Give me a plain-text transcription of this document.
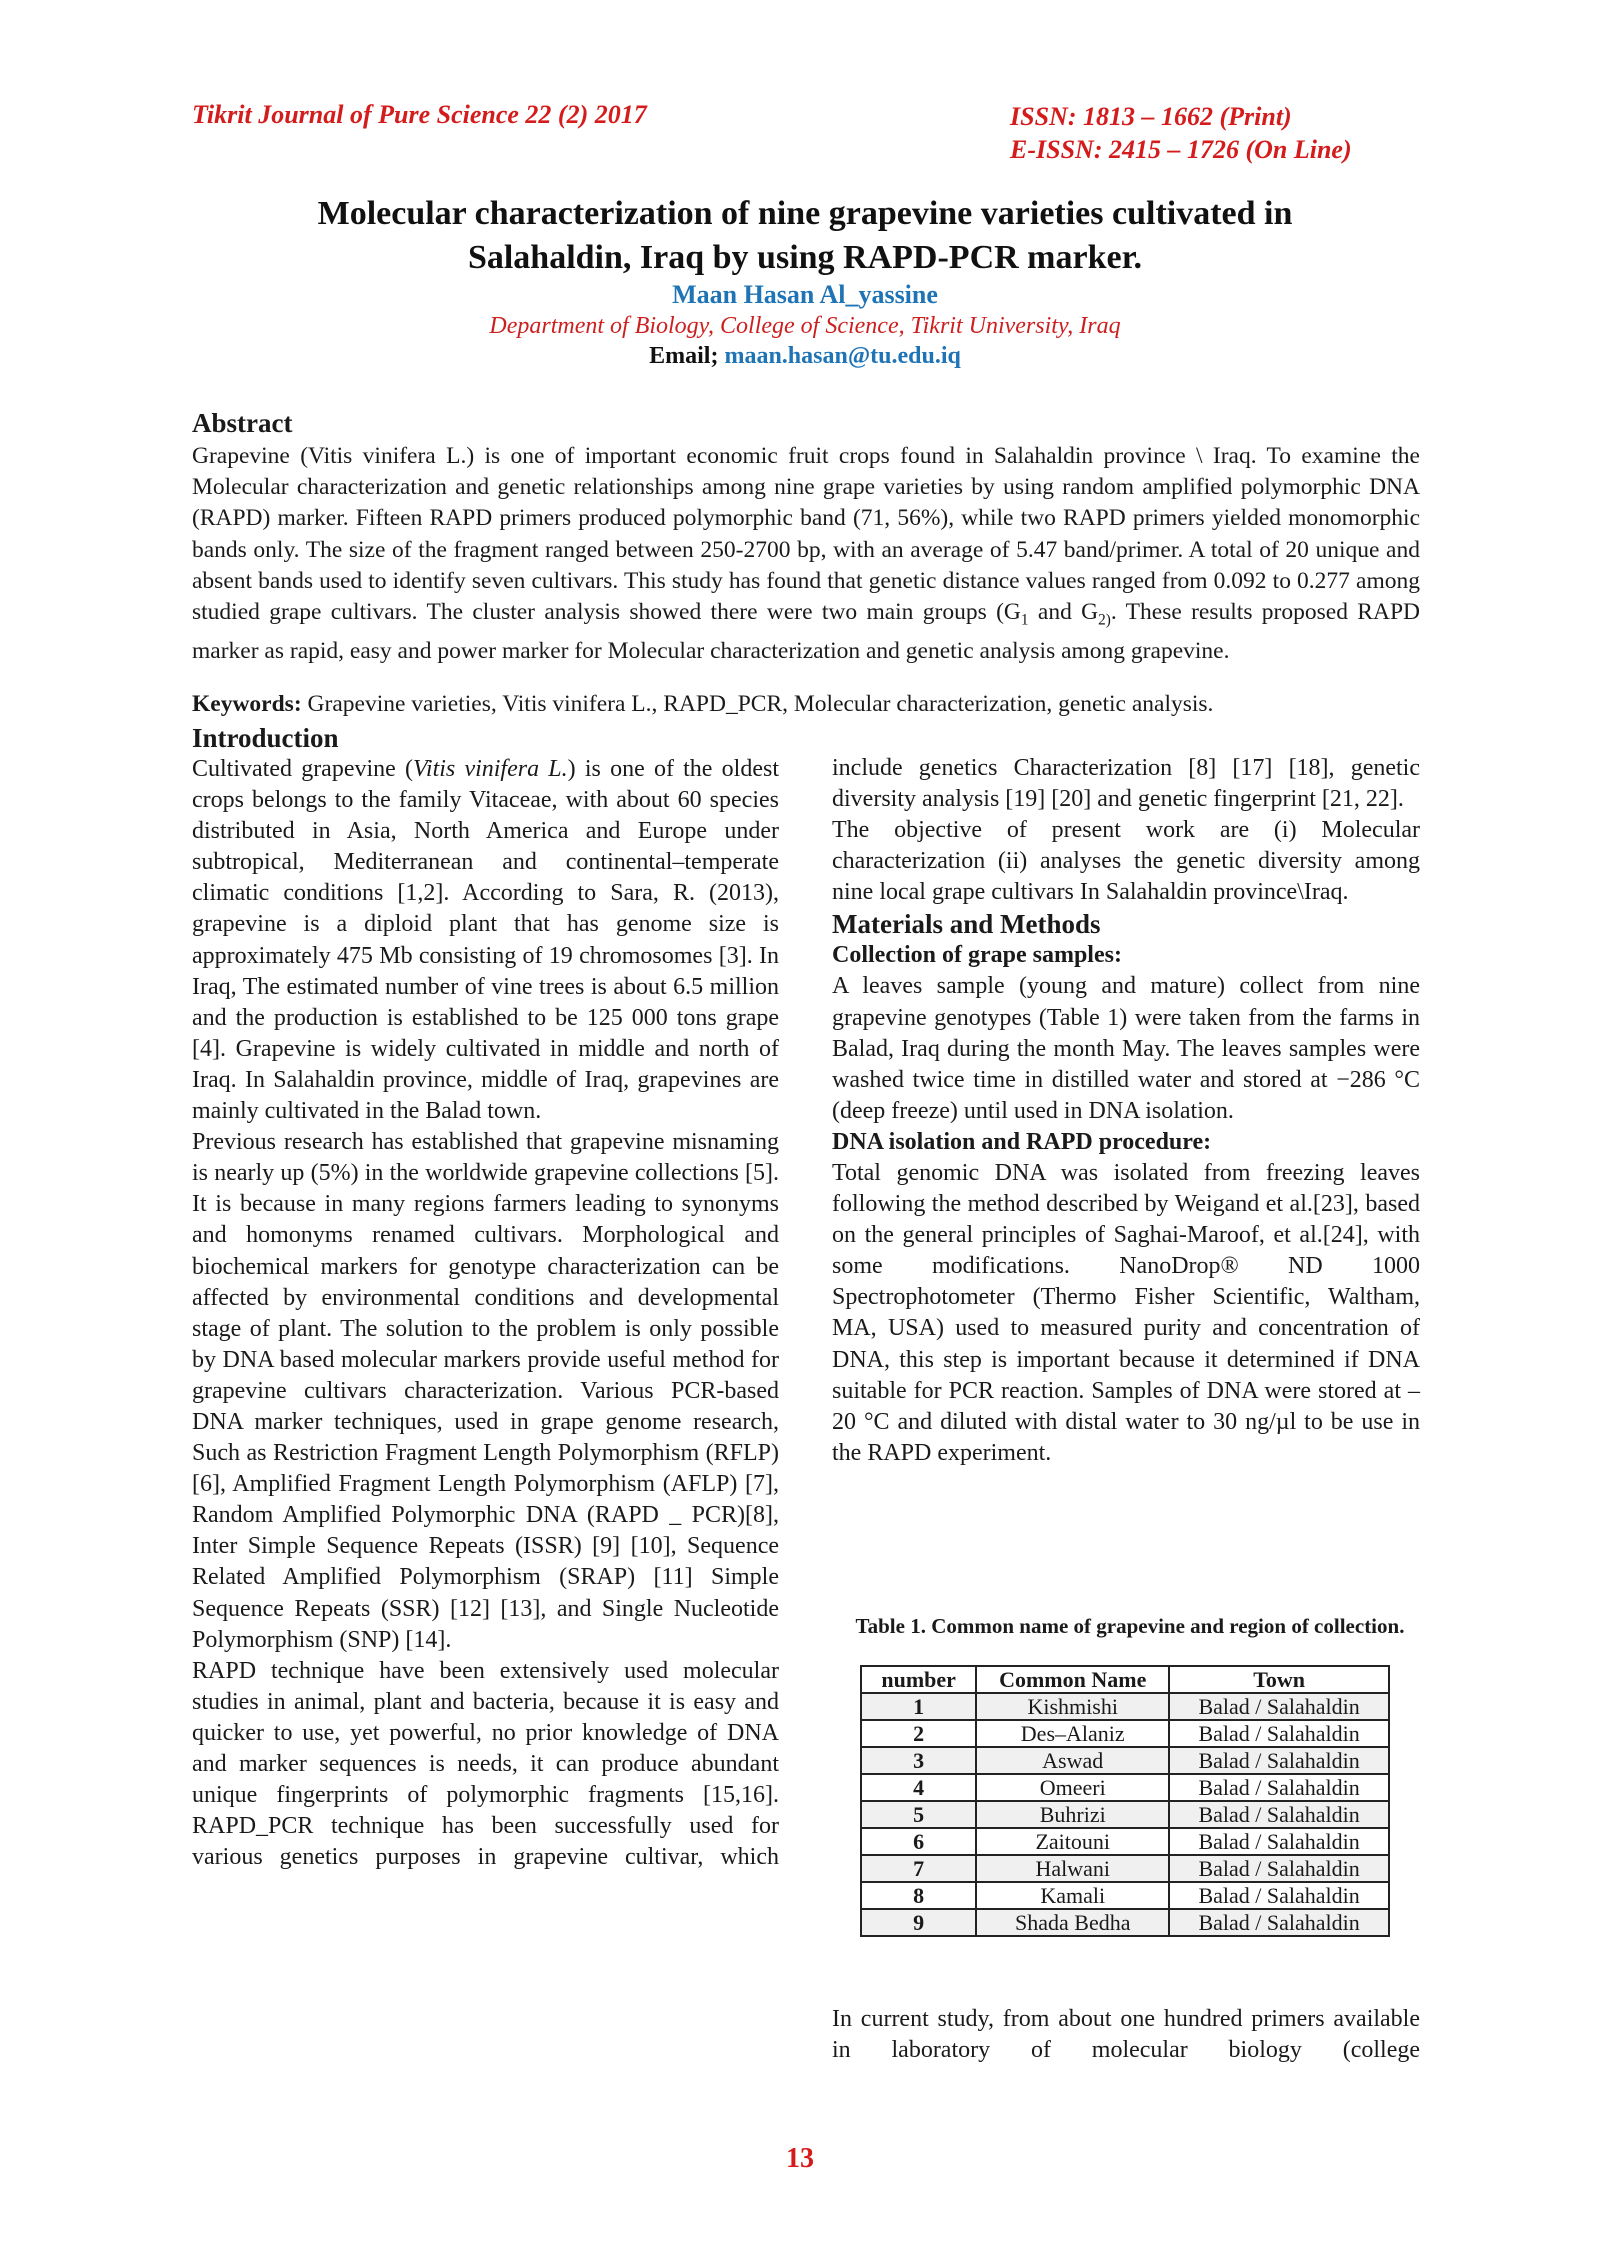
Tikrit Journal of Pure Science 22 (2) 2017	ISSN: 1813 – 1662 (Print)
E-ISSN: 2415 – 1726 (On Line)
Molecular characterization of nine grapevine varieties cultivated in
Salahaldin, Iraq by using RAPD-PCR marker.
Maan Hasan Al_yassine
Department of Biology, College of Science, Tikrit University, Iraq
Email; maan.hasan@tu.edu.iq
Abstract
Grapevine (Vitis vinifera L.) is one of important economic fruit crops found in Salahaldin province \ Iraq. To examine the Molecular characterization and genetic relationships among nine grape varieties by using random amplified polymorphic DNA (RAPD) marker. Fifteen RAPD primers produced polymorphic band (71, 56%), while two RAPD primers yielded monomorphic bands only. The size of the fragment ranged between 250-2700 bp, with an average of 5.47 band/primer. A total of 20 unique and absent bands used to identify seven cultivars. This study has found that genetic distance values ranged from 0.092 to 0.277 among studied grape cultivars. The cluster analysis showed there were two main groups ($G_1$ and $G_{2)}$. These results proposed RAPD marker as rapid, easy and power marker for Molecular characterization and genetic analysis among grapevine.
Keywords: Grapevine varieties, Vitis vinifera L., RAPD_PCR, Molecular characterization, genetic analysis.
Introduction

Cultivated grapevine (Vitis vinifera L.) is one of the oldest crops belongs to the family Vitaceae, with about 60 species distributed in Asia, North America and Europe under subtropical, Mediterranean and continental–temperate climatic conditions [1,2]. According to Sara, R. (2013), grapevine is a diploid plant that has genome size is approximately 475 Mb consisting of 19 chromosomes [3]. In Iraq, The estimated number of vine trees is about 6.5 million and the production is established to be 125 000 tons grape [4]. Grapevine is widely cultivated in middle and north of Iraq. In Salahaldin province, middle of Iraq, grapevines are mainly cultivated in the Balad town.

Previous research has established that grapevine misnaming is nearly up (5%) in the worldwide grapevine collections [5]. It is because in many regions farmers leading to synonyms and homonyms renamed cultivars. Morphological and biochemical markers for genotype characterization can be affected by environmental conditions and developmental stage of plant. The solution to the problem is only possible by DNA based molecular markers provide useful method for grapevine cultivars characterization. Various PCR-based DNA marker techniques, used in grape genome research, Such as Restriction Fragment Length Polymorphism (RFLP)[6], Amplified Fragment Length Polymorphism (AFLP) [7], Random Amplified Polymorphic DNA (RAPD _ PCR)[8], Inter Simple Sequence Repeats (ISSR) [9] [10], Sequence Related Amplified Polymorphism (SRAP) [11] Simple Sequence Repeats (SSR) [12] [13], and Single Nucleotide Polymorphism (SNP) [14].

RAPD technique have been extensively used molecular studies in animal, plant and bacteria, because it is easy and quicker to use, yet powerful, no prior knowledge of DNA and marker sequences is needs, it can produce abundant unique fingerprints of polymorphic fragments [15,16]. RAPD_PCR technique has been successfully used for various genetics purposes in grapevine cultivar, which

include genetics Characterization [8] [17] [18], genetic diversity analysis [19] [20] and genetic fingerprint [21, 22].

The objective of present work are (i) Molecular characterization (ii) analyses the genetic diversity among nine local grape cultivars In Salahaldin province\Iraq.

Materials and Methods
Collection of grape samples:

A leaves sample (young and mature) collect from nine grapevine genotypes (Table 1) were taken from the farms in Balad, Iraq during the month May. The leaves samples were washed twice time in distilled water and stored at −286 °C (deep freeze) until used in DNA isolation.

DNA isolation and RAPD procedure:

Total genomic DNA was isolated from freezing leaves following the method described by Weigand et al.[23], based on the general principles of Saghai-Maroof, et al.[24], with some modifications. NanoDrop® ND 1000 Spectrophotometer (Thermo Fisher Scientific, Waltham, MA, USA) used to measured purity and concentration of DNA, this step is important because it determined if DNA suitable for PCR reaction. Samples of DNA were stored at –20 °C and diluted with distal water to 30 ng/µl to be use in the RAPD experiment.

Table 1. Common name of grapevine and region of collection.
number	Common Name	Town
1	Kishmishi	Balad / Salahaldin
2	Des–Alaniz	Balad / Salahaldin
3	Aswad	Balad / Salahaldin
4	Omeeri	Balad / Salahaldin
5	Buhrizi	Balad / Salahaldin
6	Zaitouni	Balad / Salahaldin
7	Halwani	Balad / Salahaldin
8	Kamali	Balad / Salahaldin
9	Shada Bedha	Balad / Salahaldin

In current study, from about one hundred primers available in laboratory of molecular biology (college

13
